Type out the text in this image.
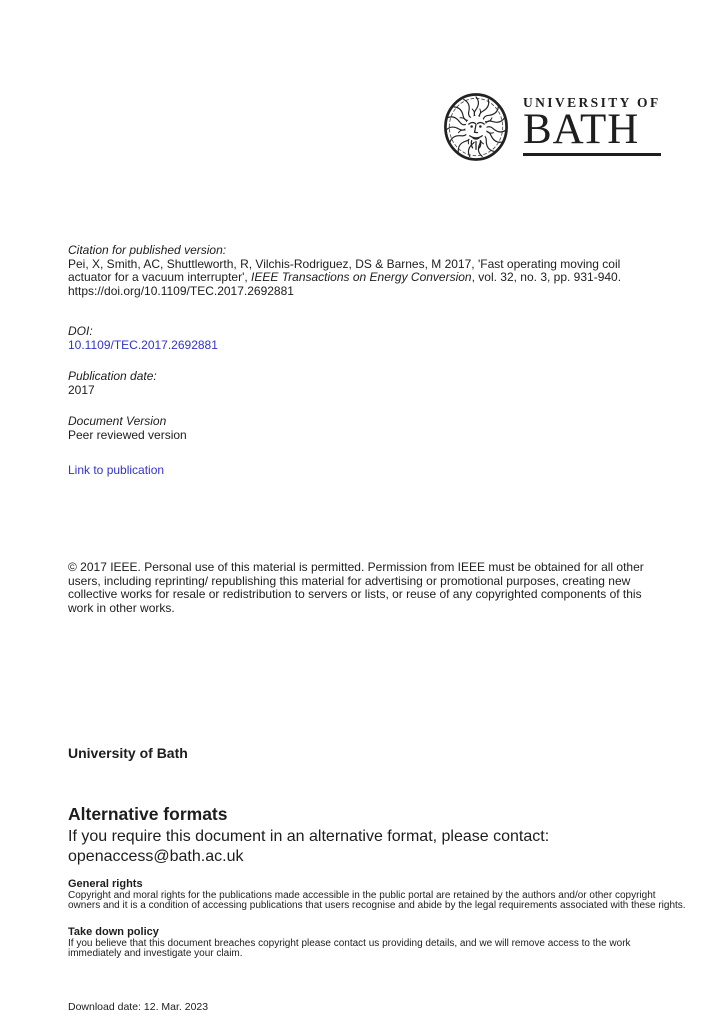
UNIVERSITY OF
BATH
Citation for published version:
Pei, X, Smith, AC, Shuttleworth, R, Vilchis-Rodriguez, DS & Barnes, M 2017, 'Fast operating moving coil actuator for a vacuum interrupter', IEEE Transactions on Energy Conversion, vol. 32, no. 3, pp. 931-940.
https://doi.org/10.1109/TEC.2017.2692881
DOI:
10.1109/TEC.2017.2692881
Publication date:
2017
Document Version
Peer reviewed version
Link to publication
© 2017 IEEE. Personal use of this material is permitted. Permission from IEEE must be obtained for all other users, including reprinting/ republishing this material for advertising or promotional purposes, creating new collective works for resale or redistribution to servers or lists, or reuse of any copyrighted components of this work in other works.
University of Bath
Alternative formats
If you require this document in an alternative format, please contact:
openaccess@bath.ac.uk
General rights
Copyright and moral rights for the publications made accessible in the public portal are retained by the authors and/or other copyright owners and it is a condition of accessing publications that users recognise and abide by the legal requirements associated with these rights.
Take down policy
If you believe that this document breaches copyright please contact us providing details, and we will remove access to the work immediately and investigate your claim.
Download date: 12. Mar. 2023
